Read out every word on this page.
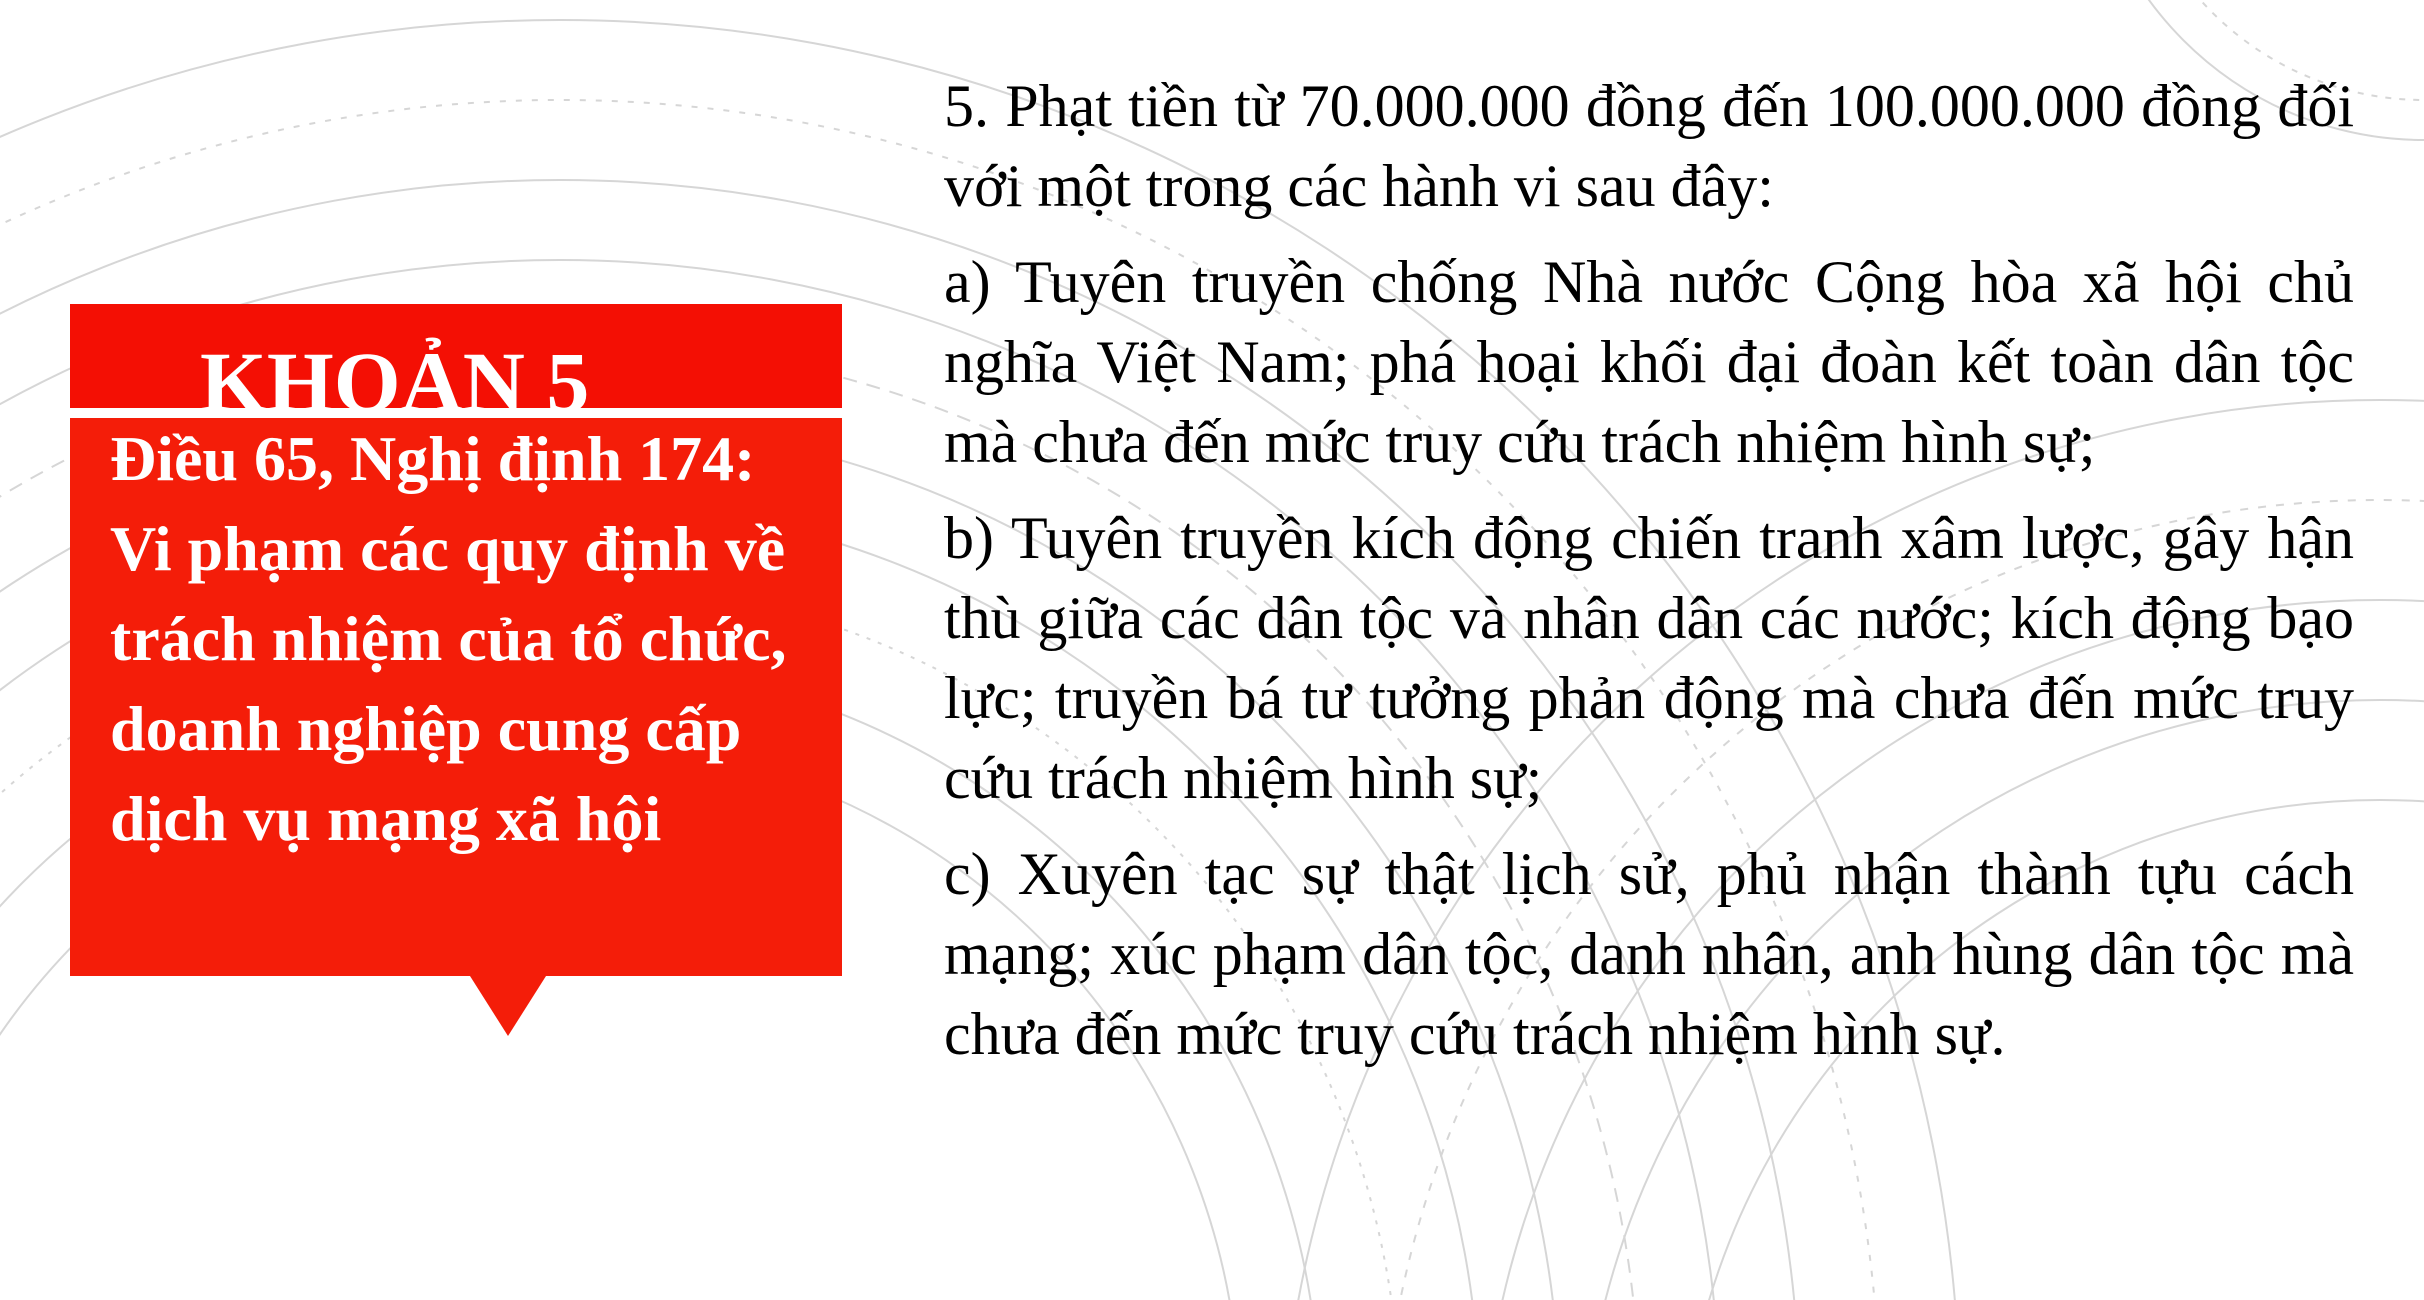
KHOẢN 5
Điều 65, Nghị định 174: Vi phạm các quy định về trách nhiệm của tổ chức, doanh nghiệp cung cấp dịch vụ mạng xã hội

5. Phạt tiền từ 70.000.000 đồng đến 100.000.000 đồng đối với một trong các hành vi sau đây:

a) Tuyên truyền chống Nhà nước Cộng hòa xã hội chủ nghĩa Việt Nam; phá hoại khối đại đoàn kết toàn dân tộc mà chưa đến mức truy cứu trách nhiệm hình sự;

b) Tuyên truyền kích động chiến tranh xâm lược, gây hận thù giữa các dân tộc và nhân dân các nước; kích động bạo lực; truyền bá tư tưởng phản động mà chưa đến mức truy cứu trách nhiệm hình sự;

c) Xuyên tạc sự thật lịch sử, phủ nhận thành tựu cách mạng; xúc phạm dân tộc, danh nhân, anh hùng dân tộc mà chưa đến mức truy cứu trách nhiệm hình sự.
